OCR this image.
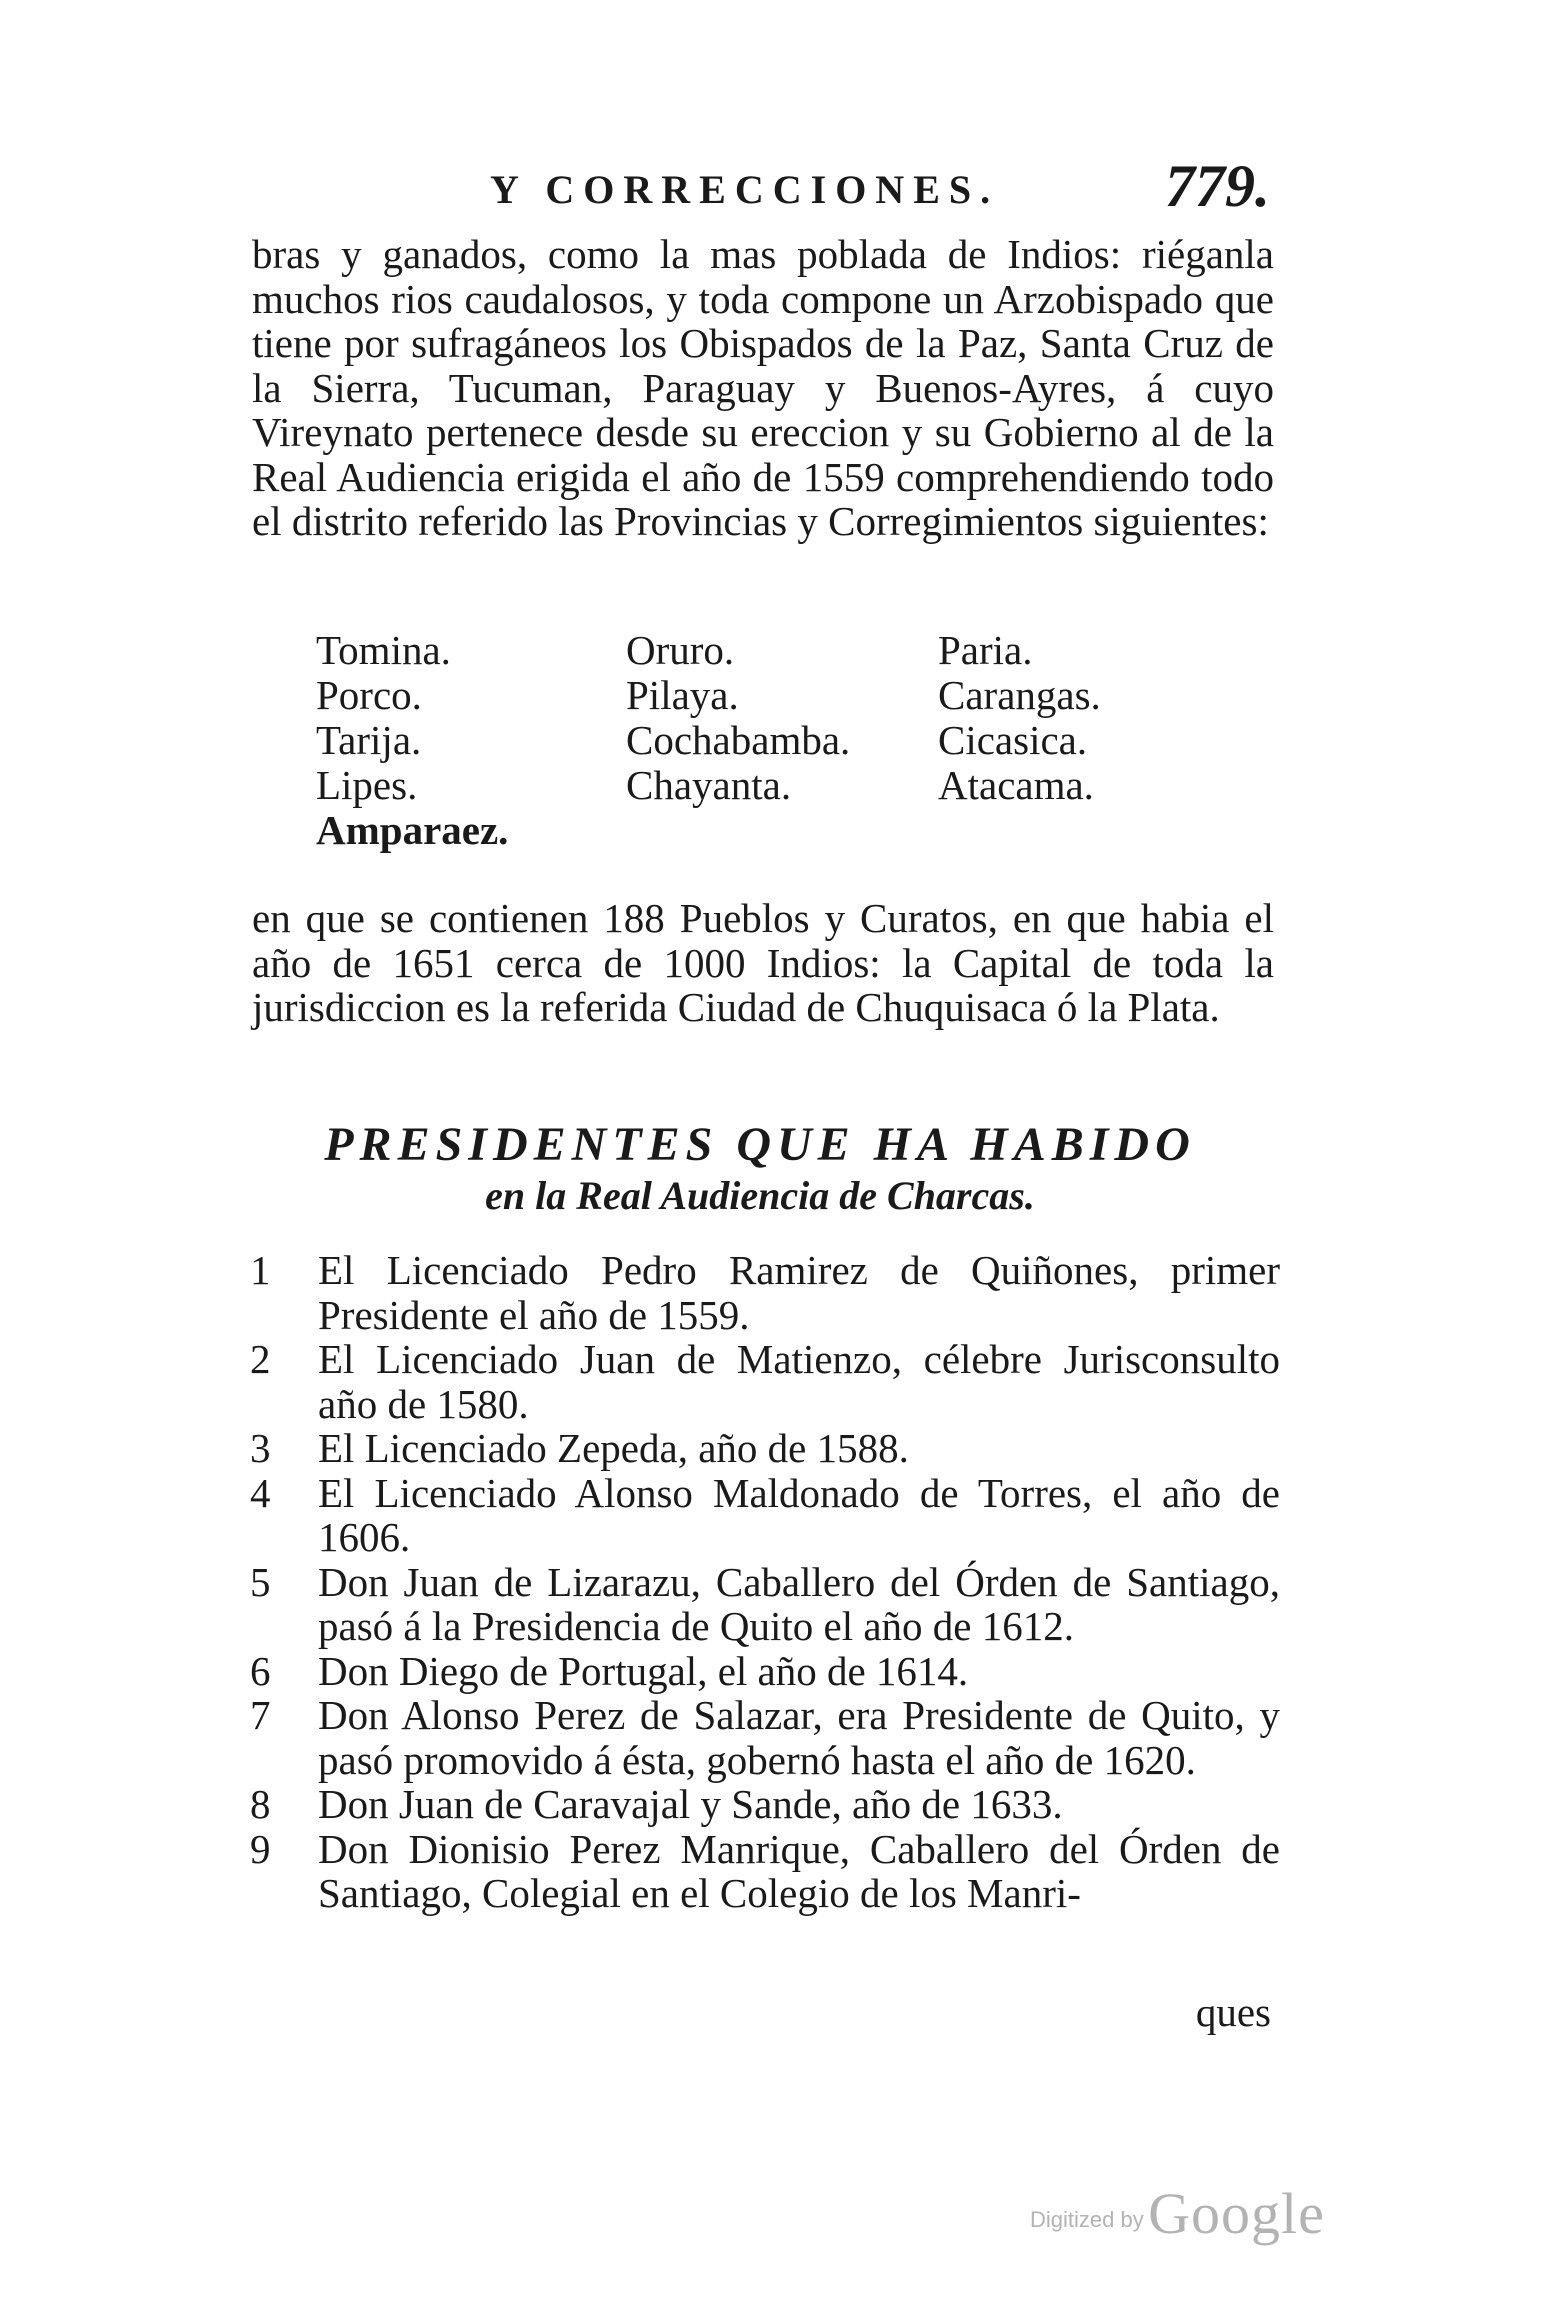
Y CORRECCIONES.	779.

bras y ganados, como la mas poblada de Indios: riéganla muchos rios caudalosos, y toda compone un Arzobispado que tiene por sufragáneos los Obispados de la Paz, Santa Cruz de la Sierra, Tucuman, Paraguay y Buenos-Ayres, á cuyo Vireynato pertenece desde su ereccion y su Gobierno al de la Real Audiencia erigida el año de 1559 comprehendiendo todo el distrito referido las Provincias y Corregimientos siguientes:

Tomina.	Oruro.	Paria.
Porco.	Pilaya.	Carangas.
Tarija.	Cochabamba.	Cicasica.
Lipes.	Chayanta.	Atacama.
Amparaez.

en que se contienen 188 Pueblos y Curatos, en que habia el año de 1651 cerca de 1000 Indios: la Capital de toda la jurisdiccion es la referida Ciudad de Chuquisaca ó la Plata.

PRESIDENTES QUE HA HABIDO
en la Real Audiencia de Charcas.
1	El Licenciado Pedro Ramirez de Quiñones, primer Presidente el año de 1559.
2	El Licenciado Juan de Matienzo, célebre Jurisconsulto año de 1580.
3	El Licenciado Zepeda, año de 1588.
4	El Licenciado Alonso Maldonado de Torres, el año de 1606.
5	Don Juan de Lizarazu, Caballero del Órden de Santiago, pasó á la Presidencia de Quito el año de 1612.
6	Don Diego de Portugal, el año de 1614.
7	Don Alonso Perez de Salazar, era Presidente de Quito, y pasó promovido á ésta, gobernó hasta el año de 1620.
8	Don Juan de Caravajal y Sande, año de 1633.
9	Don Dionisio Perez Manrique, Caballero del Órden de Santiago, Colegial en el Colegio de los Manri-
ques
Digitized by Google
